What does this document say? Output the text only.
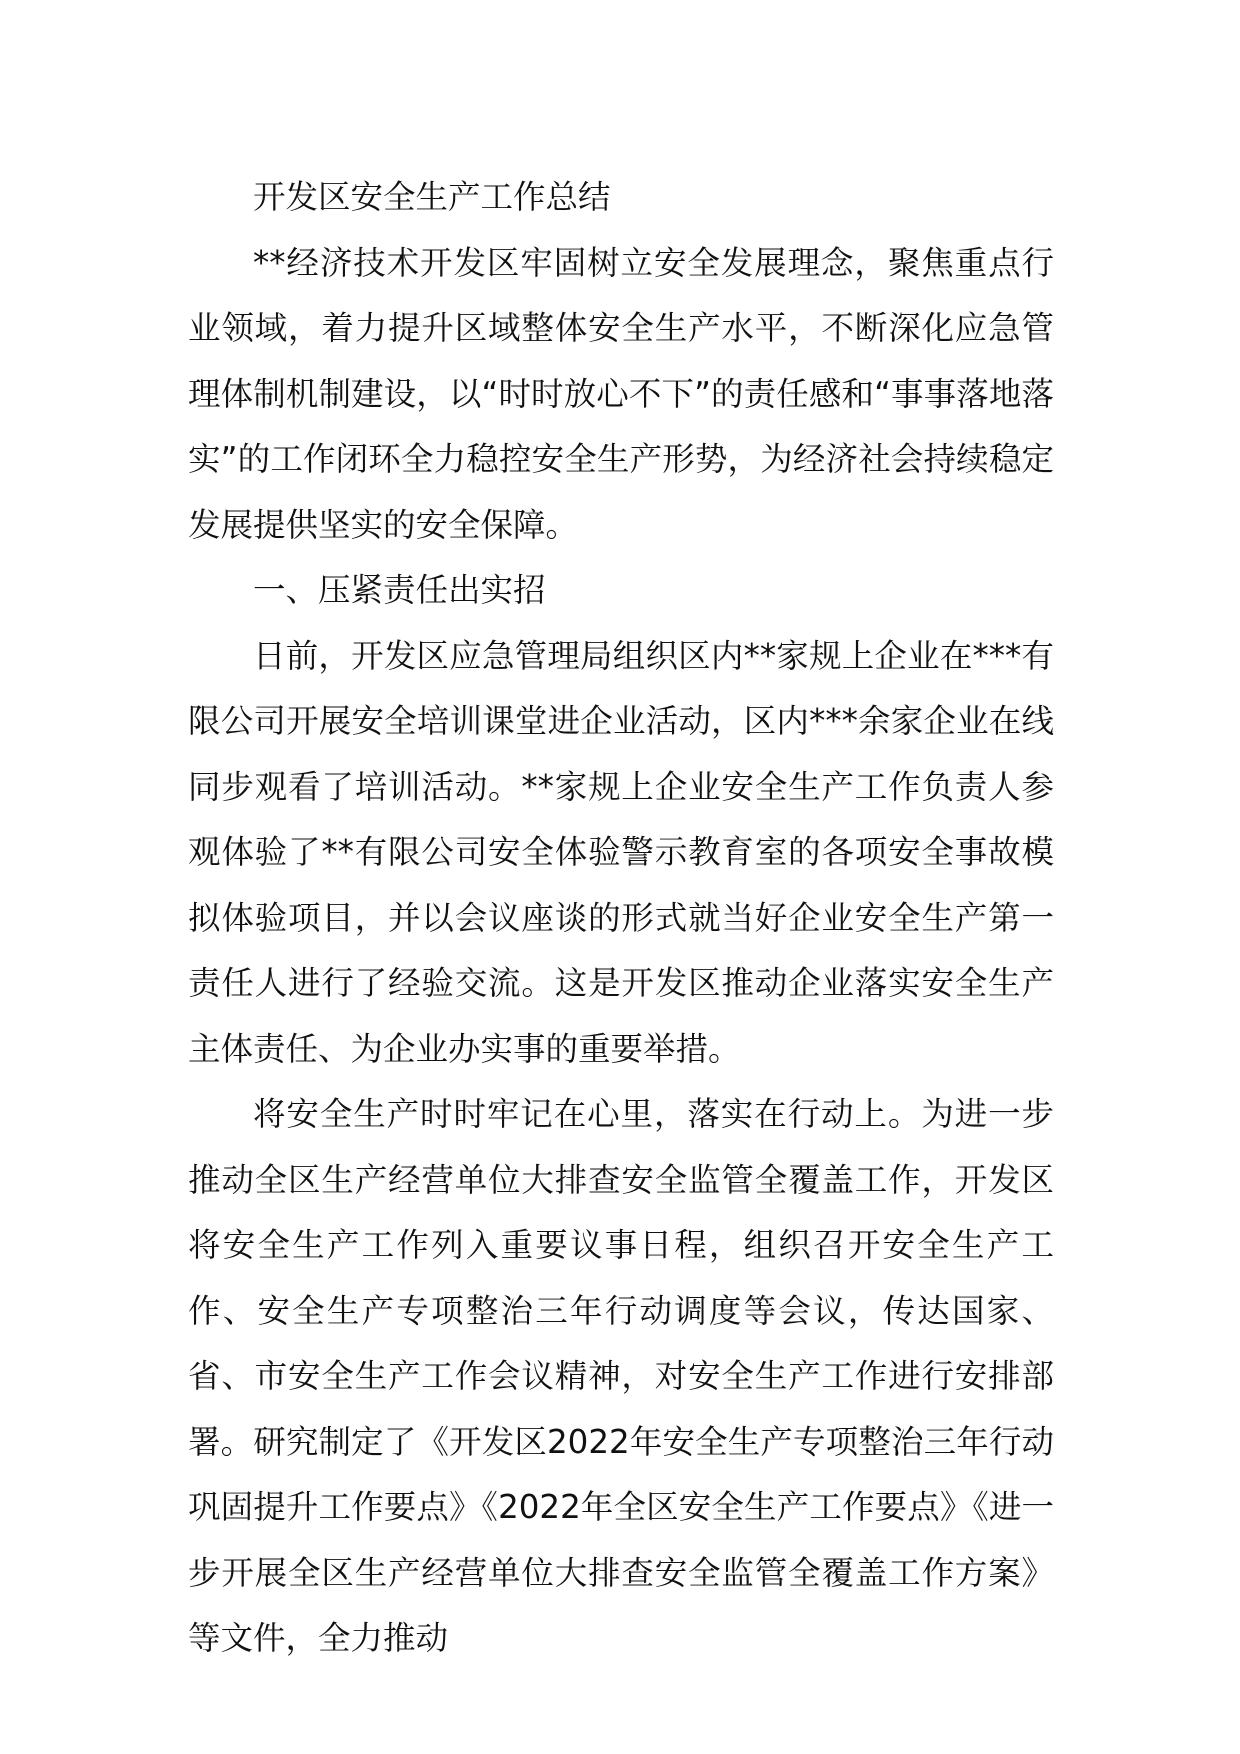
开发区安全生产工作总结

**经济技术开发区牢固树立安全发展理念，聚焦重点行业领域，着力提升区域整体安全生产水平，不断深化应急管理体制机制建设，以“时时放心不下”的责任感和“事事落地落实”的工作闭环全力稳控安全生产形势，为经济社会持续稳定发展提供坚实的安全保障。

一、压紧责任出实招

日前，开发区应急管理局组织区内**家规上企业在***有限公司开展安全培训课堂进企业活动，区内***余家企业在线同步观看了培训活动。**家规上企业安全生产工作负责人参观体验了**有限公司安全体验警示教育室的各项安全事故模拟体验项目，并以会议座谈的形式就当好企业安全生产第一责任人进行了经验交流。这是开发区推动企业落实安全生产主体责任、为企业办实事的重要举措。

将安全生产时时牢记在心里，落实在行动上。为进一步推动全区生产经营单位大排查安全监管全覆盖工作，开发区将安全生产工作列入重要议事日程，组织召开安全生产工作、安全生产专项整治三年行动调度等会议，传达国家、省、市安全生产工作会议精神，对安全生产工作进行安排部署。研究制定了《开发区2022年安全生产专项整治三年行动巩固提升工作要点》《2022年全区安全生产工作要点》《进一步开展全区生产经营单位大排查安全监管全覆盖工作方案》等文件，全力推动
